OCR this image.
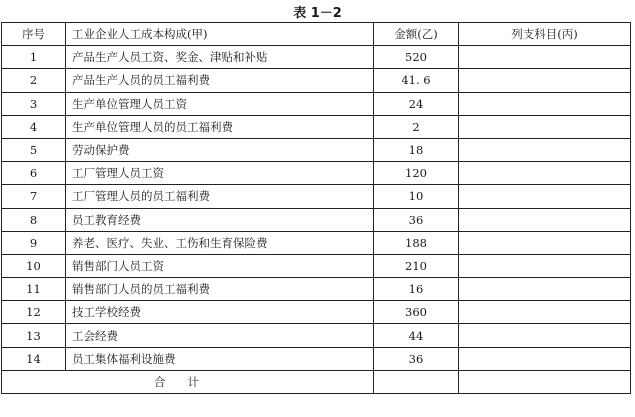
表 1－2
序号	工业企业人工成本构成(甲)	金额(乙)	列支科目(丙)
1	产品生产人员工资、奖金、津贴和补贴	520	
2	产品生产人员的员工福利费	41. 6	
3	生产单位管理人员工资	24	
4	生产单位管理人员的员工福利费	2	
5	劳动保护费	18	
6	工厂管理人员工资	120	
7	工厂管理人员的员工福利费	10	
8	员工教育经费	36	
9	养老、医疗、失业、工伤和生育保险费	188	
10	销售部门人员工资	210	
11	销售部门人员的员工福利费	16	
12	技工学校经费	360	
13	工会经费	44	
14	员工集体福利设施费	36	
合计			
